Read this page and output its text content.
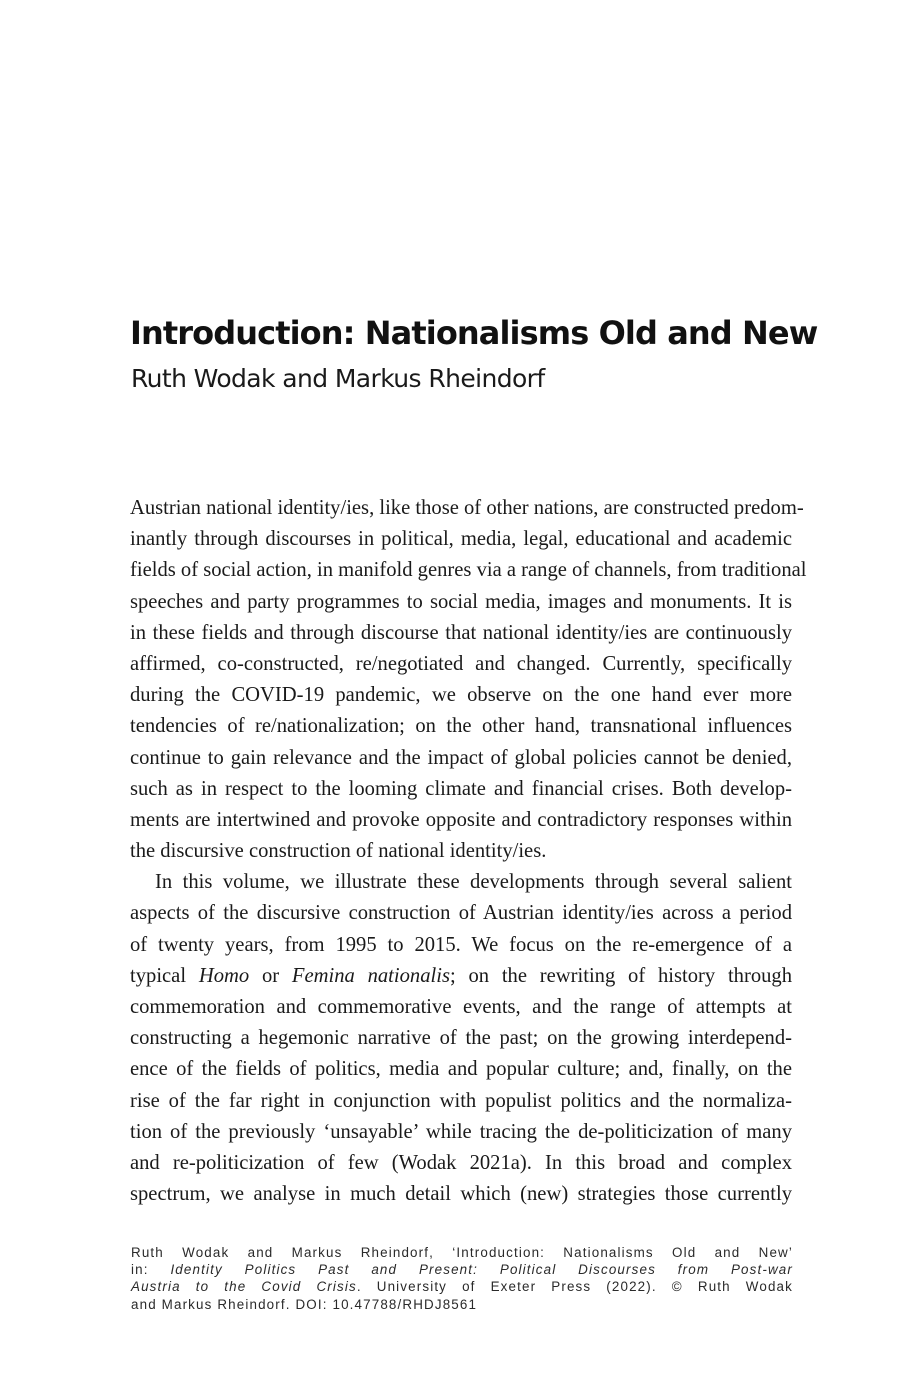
Introduction: Nationalisms Old and New
Ruth Wodak and Markus Rheindorf
Austrian national identity/ies, like those of other nations, are constructed predom-
inantly through discourses in political, media, legal, educational and academic
fields of social action, in manifold genres via a range of channels, from traditional
speeches and party programmes to social media, images and monuments. It is
in these fields and through discourse that national identity/ies are continuously
affirmed, co-constructed, re/negotiated and changed. Currently, specifically
during the COVID-19 pandemic, we observe on the one hand ever more
tendencies of re/nationalization; on the other hand, transnational influences
continue to gain relevance and the impact of global policies cannot be denied,
such as in respect to the looming climate and financial crises. Both develop-
ments are intertwined and provoke opposite and contradictory responses within
the discursive construction of national identity/ies.
In this volume, we illustrate these developments through several salient
aspects of the discursive construction of Austrian identity/ies across a period
of twenty years, from 1995 to 2015. We focus on the re-emergence of a
typical Homo or Femina nationalis; on the rewriting of history through
commemoration and commemorative events, and the range of attempts at
constructing a hegemonic narrative of the past; on the growing interdepend-
ence of the fields of politics, media and popular culture; and, finally, on the
rise of the far right in conjunction with populist politics and the normaliza-
tion of the previously ‘unsayable’ while tracing the de-politicization of many
and re-politicization of few (Wodak 2021a). In this broad and complex
spectrum, we analyse in much detail which (new) strategies those currently
Ruth Wodak and Markus Rheindorf, ‘Introduction: Nationalisms Old and New’
in: Identity Politics Past and Present: Political Discourses from Post-war
Austria to the Covid Crisis. University of Exeter Press (2022). © Ruth Wodak
and Markus Rheindorf. DOI: 10.47788/RHDJ8561
